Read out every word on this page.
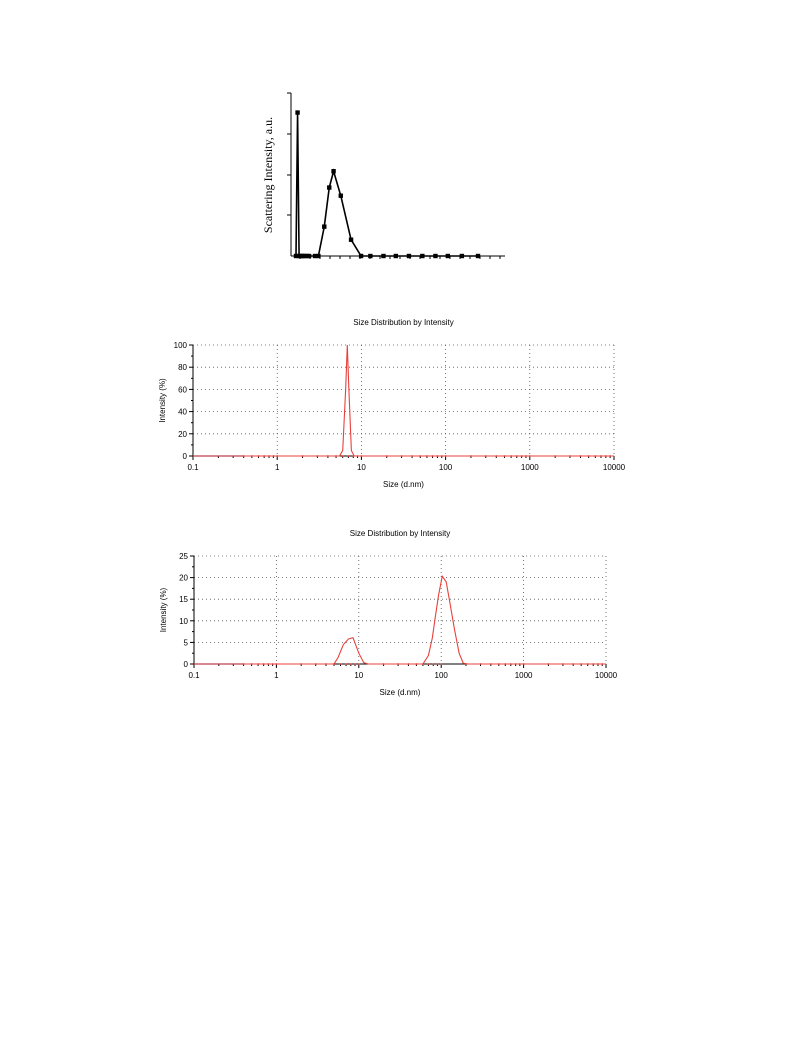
Scattering Intensity, a.u.
Size Distribution by Intensity
0
20
40
60
80
100
0.1	1	10	100	1000	10000
Size (d.nm)
Intensity (%)
Size Distribution by Intensity
0
5
10
15
20
25
0.1	1	10	100	1000	10000
Size (d.nm)
Intensity (%)
